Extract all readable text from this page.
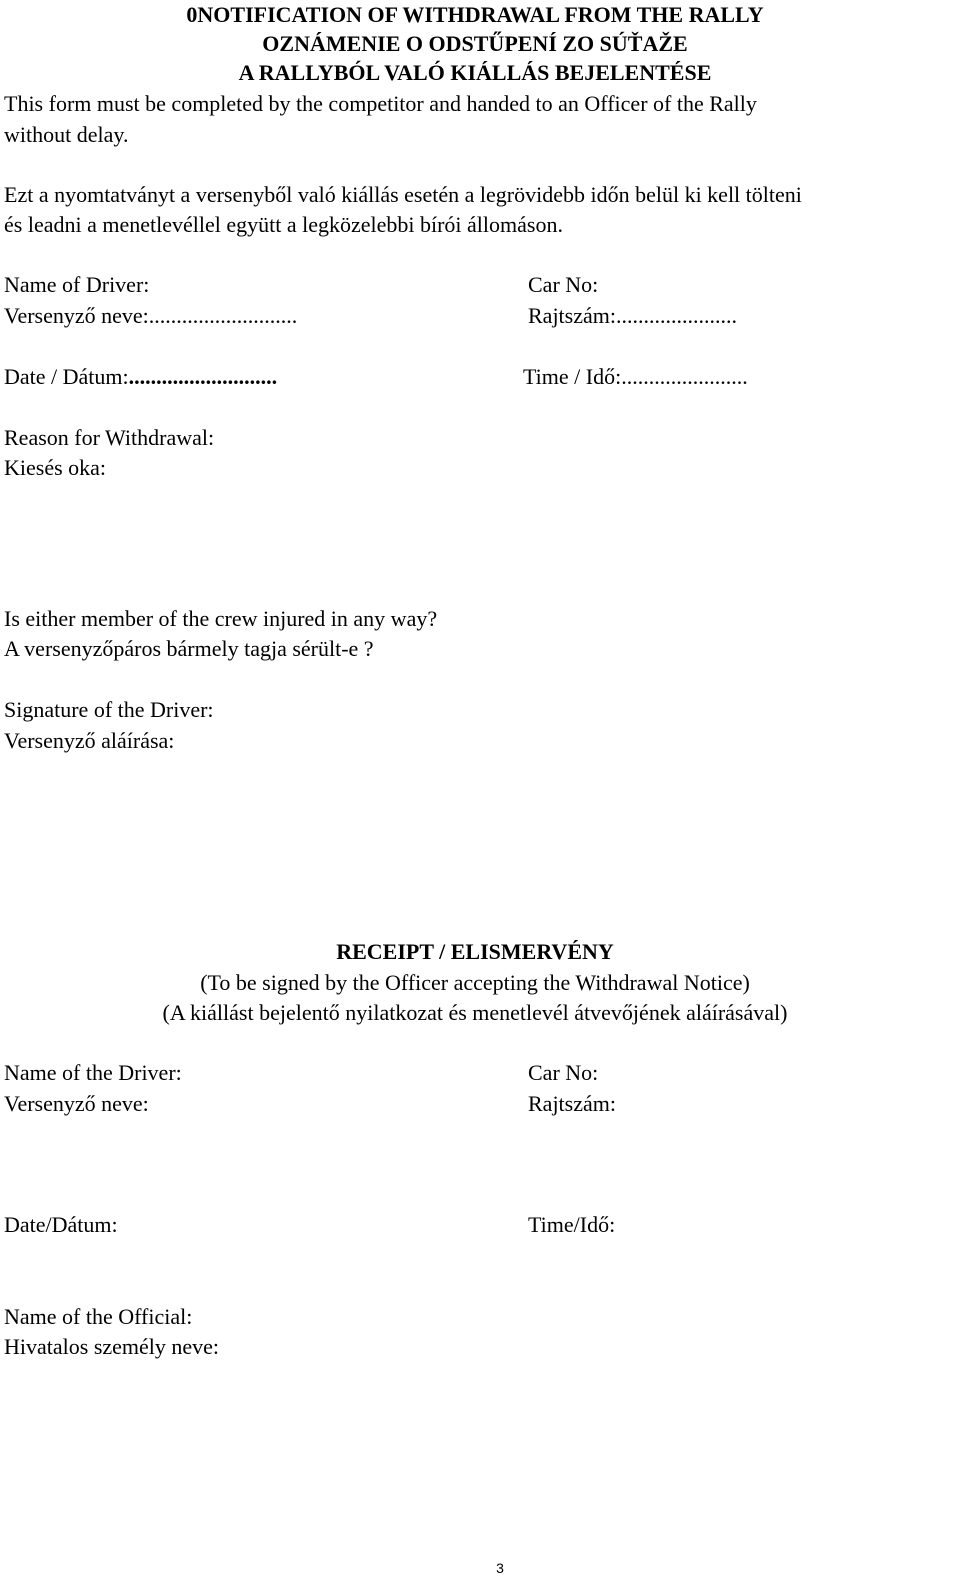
0NOTIFICATION OF WITHDRAWAL FROM THE RALLY
OZNÁMENIE O ODSTŰPENÍ ZO SÚŤAŽE
A RALLYBÓL VALÓ KIÁLLÁS BEJELENTÉSE
This form must be completed by the competitor and handed to an Officer of the Rally
without delay.
Ezt a nyomtatványt a versenyből való kiállás esetén a legrövidebb időn belül ki kell tölteni
és leadni a menetlevéllel együtt a legközelebbi bírói állomáson.
Name of Driver:
Versenyző neve:...........................
Car No:
Rajtszám:......................
Date / Dátum:...........................	Time / Idő:.......................
Reason for Withdrawal:
Kiesés oka:
Is either member of the crew injured in any way?
A versenyzőpáros bármely tagja sérült-e ?
Signature of the Driver:
Versenyző aláírása:
RECEIPT / ELISMERVÉNY
(To be signed by the Officer accepting the Withdrawal Notice)
(A kiállást bejelentő nyilatkozat és menetlevél átvevőjének aláírásával)
Name of the Driver:
Versenyző neve:
Car No:
Rajtszám:
Date/Dátum:	Time/Idő:
Name of the Official:
Hivatalos személy neve:
3
